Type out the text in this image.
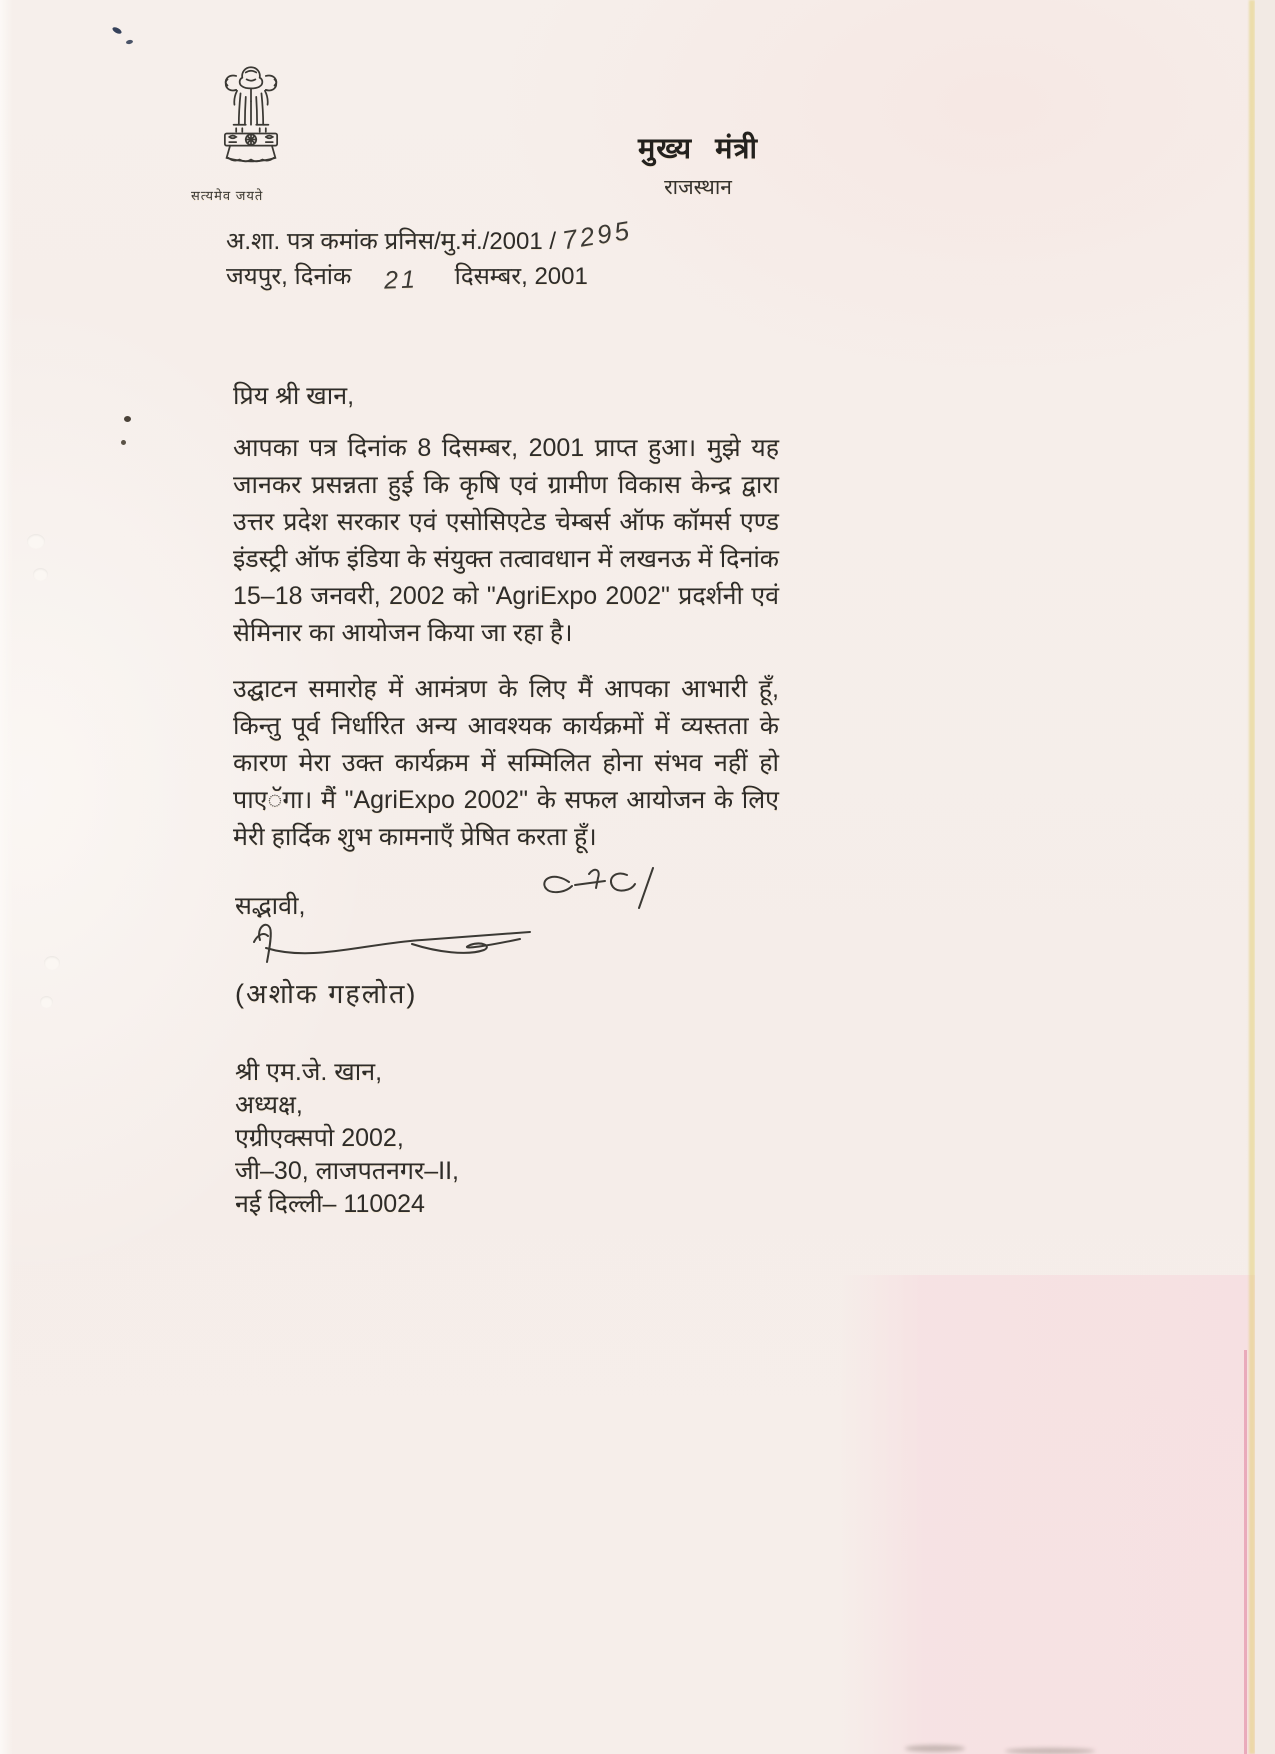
सत्यमेव जयते
मुख्य मंत्री
राजस्थान
अ.शा. पत्र कमांक प्रनिस/मु.मं./2001 / 7295
जयपुर, दिनांक 21 दिसम्बर, 2001
प्रिय श्री खान,
आपका पत्र दिनांक 8 दिसम्बर, 2001 प्राप्त हुआ। मुझे यह जानकर प्रसन्नता हुई कि कृषि एवं ग्रामीण विकास केन्द्र द्वारा उत्तर प्रदेश सरकार एवं एसोसिएटेड चेम्बर्स ऑफ कॉमर्स एण्ड इंडस्ट्री ऑफ इंडिया के संयुक्त तत्वावधान में लखनऊ में दिनांक 15–18 जनवरी, 2002 को "AgriExpo 2002" प्रदर्शनी एवं सेमिनार का आयोजन किया जा रहा है।
उद्घाटन समारोह में आमंत्रण के लिए मैं आपका आभारी हूँ, किन्तु पूर्व निर्धारित अन्य आवश्यक कार्यक्रमों में व्यस्तता के कारण मेरा उक्त कार्यक्रम में सम्मिलित होना संभव नहीं हो पाएॅगा। मैं "AgriExpo 2002" के सफल आयोजन के लिए मेरी हार्दिक शुभ कामनाएँ प्रेषित करता हूँ।
सद्भावी,
(अशोक गहलोत)
श्री एम.जे. खान,
अध्यक्ष,
एग्रीएक्सपो 2002,
जी–30, लाजपतनगर–II,
नई दिल्ली– 110024
